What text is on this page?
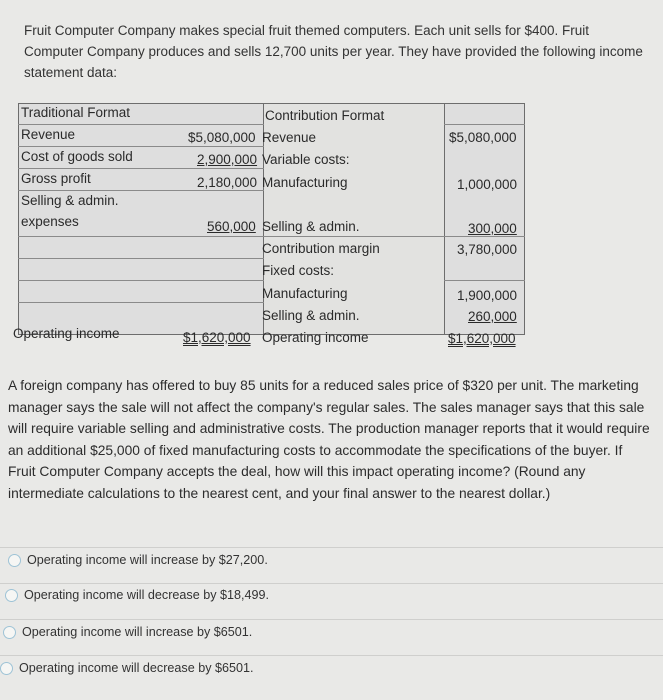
Fruit Computer Company makes special fruit themed computers. Each unit sells for $400. Fruit Computer Company produces and sells 12,700 units per year. They have provided the following income statement data:
Traditional Format
Revenue	$5,080,000
Cost of goods sold	2,900,000
Gross profit	2,180,000
Selling & admin.
expenses	560,000
Operating income	$1,620,000
Contribution Format
Revenue	$5,080,000
Variable costs:
Manufacturing	1,000,000
Selling & admin.	300,000
Contribution margin	3,780,000
Fixed costs:
Manufacturing	1,900,000
Selling & admin.	260,000
Operating income	$1,620,000
A foreign company has offered to buy 85 units for a reduced sales price of $320 per unit. The marketing manager says the sale will not affect the company's regular sales. The sales manager says that this sale will require variable selling and administrative costs. The production manager reports that it would require an additional $25,000 of fixed manufacturing costs to accommodate the specifications of the buyer. If Fruit Computer Company accepts the deal, how will this impact operating income? (Round any intermediate calculations to the nearest cent, and your final answer to the nearest dollar.)
Operating income will increase by $27,200.
Operating income will decrease by $18,499.
Operating income will increase by $6501.
Operating income will decrease by $6501.
